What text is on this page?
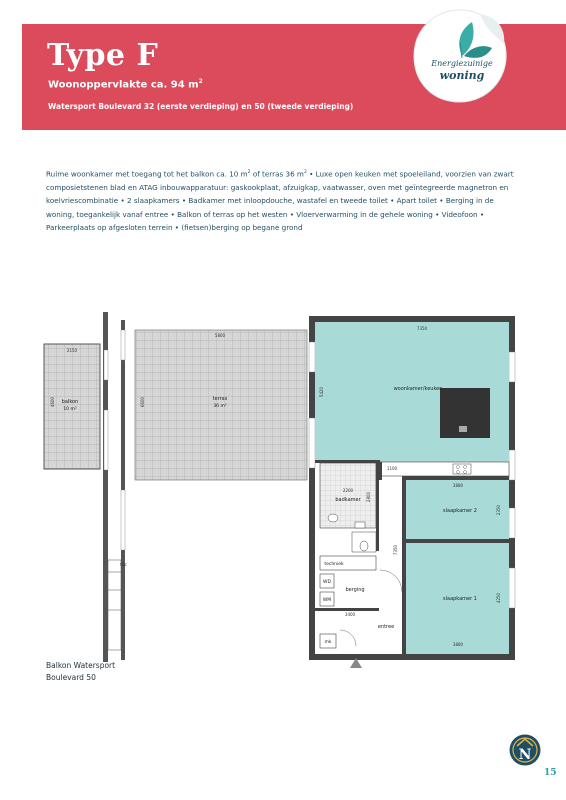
Type F
Woonoppervlakte ca. 94 $m^2$
Watersport Boulevard 32 (eerste verdieping) en 50 (tweede verdieping)
Energiezuinige
woning
Ruime woonkamer met toegang tot het balkon ca. 10 $m^2$ of terras 36 $m^2$ • Luxe open keuken met spoeleiland, voorzien van zwart composietstenen blad en ATAG inbouwapparatuur: gaskookplaat, afzuigkap, vaatwasser, oven met geïntegreerde magnetron en koelvriescombinatie • 2 slaapkamers • Badkamer met inloopdouche, wastafel en tweede toilet • Apart toilet • Berging in de woning, toegankelijk vanaf entree • Balkon of terras op het westen • Vloerverwarming in de gehele woning • Videofoon • Parkeerplaats op afgesloten terrein • (fietsen)berging op begane grond
tec
balkon
10 m²
2150
4600	terras
36 m²
5800
6600
woonkamer/keuken
7350
5420
badkamer
2200
2800
1100
slaapkamer 2
3880
2350
slaapkamer 1
3880
4250
7350
entree
techniek
WD
WM
berging
3400
mk
Balkon Watersport
Boulevard 50
N
15
